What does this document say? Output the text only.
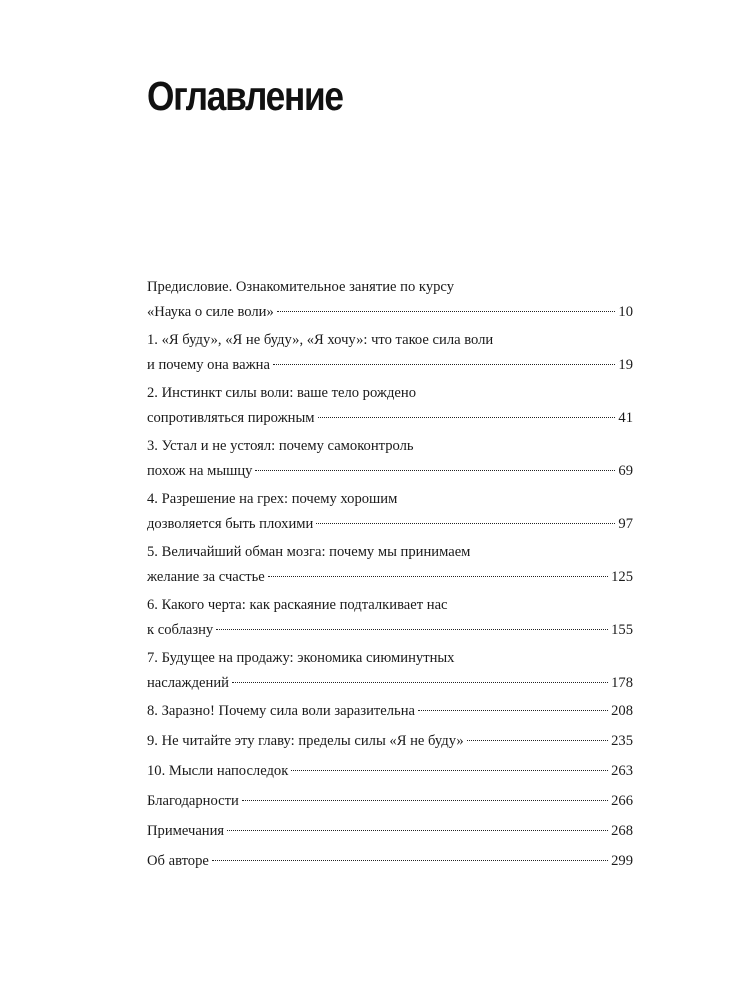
Оглавление
Предисловие. Ознакомительное занятие по курсу
«Наука о силе воли»	10
1. «Я буду», «Я не буду», «Я хочу»: что такое сила воли
и почему она важна	19
2. Инстинкт силы воли: ваше тело рождено
сопротивляться пирожным	41
3. Устал и не устоял: почему самоконтроль
похож на мышцу	69
4. Разрешение на грех: почему хорошим
дозволяется быть плохими	97
5. Величайший обман мозга: почему мы принимаем
желание за счастье	125
6. Какого черта: как раскаяние подталкивает нас
к соблазну	155
7. Будущее на продажу: экономика сиюминутных
наслаждений	178
8. Заразно! Почему сила воли заразительна	208
9. Не читайте эту главу: пределы силы «Я не буду»	235
10. Мысли напоследок	263
Благодарности	266
Примечания	268
Об авторе	299
